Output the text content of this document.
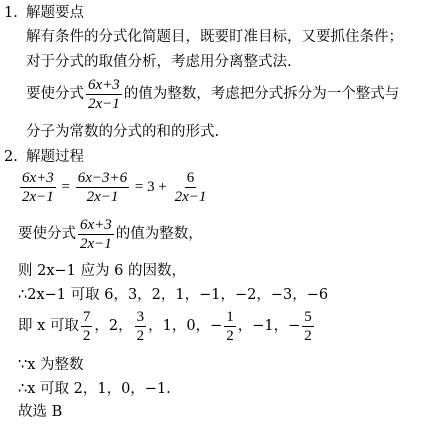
1. 解题要点
解有条件的分式化简题目，既要盯准目标，又要抓住条件；
对于分式的取值分析，考虑用分离整式法.
要使分式 $\frac{6x+3}{2x-1}$ 的值为整数，考虑把分式拆分为一个整式与
分子为常数的分式的和的形式.
2. 解题过程
$\frac{6x+3}{2x-1} = \frac{6x-3+6}{2x-1} = 3 + \frac{6}{2x-1}$
要使分式 $\frac{6x+3}{2x-1}$ 的值为整数，
则 2x−1 应为 6 的因数，
∴2x−1 可取 6，3，2，1，−1，−2，−3，−6
即 x 可取 $\frac{7}{2}$ ，2， $\frac{3}{2}$ ，1，0，− $\frac{1}{2}$ ，−1，− $\frac{5}{2}$
∵x 为整数
∴x 可取 2，1，0，−1.
故选 B
